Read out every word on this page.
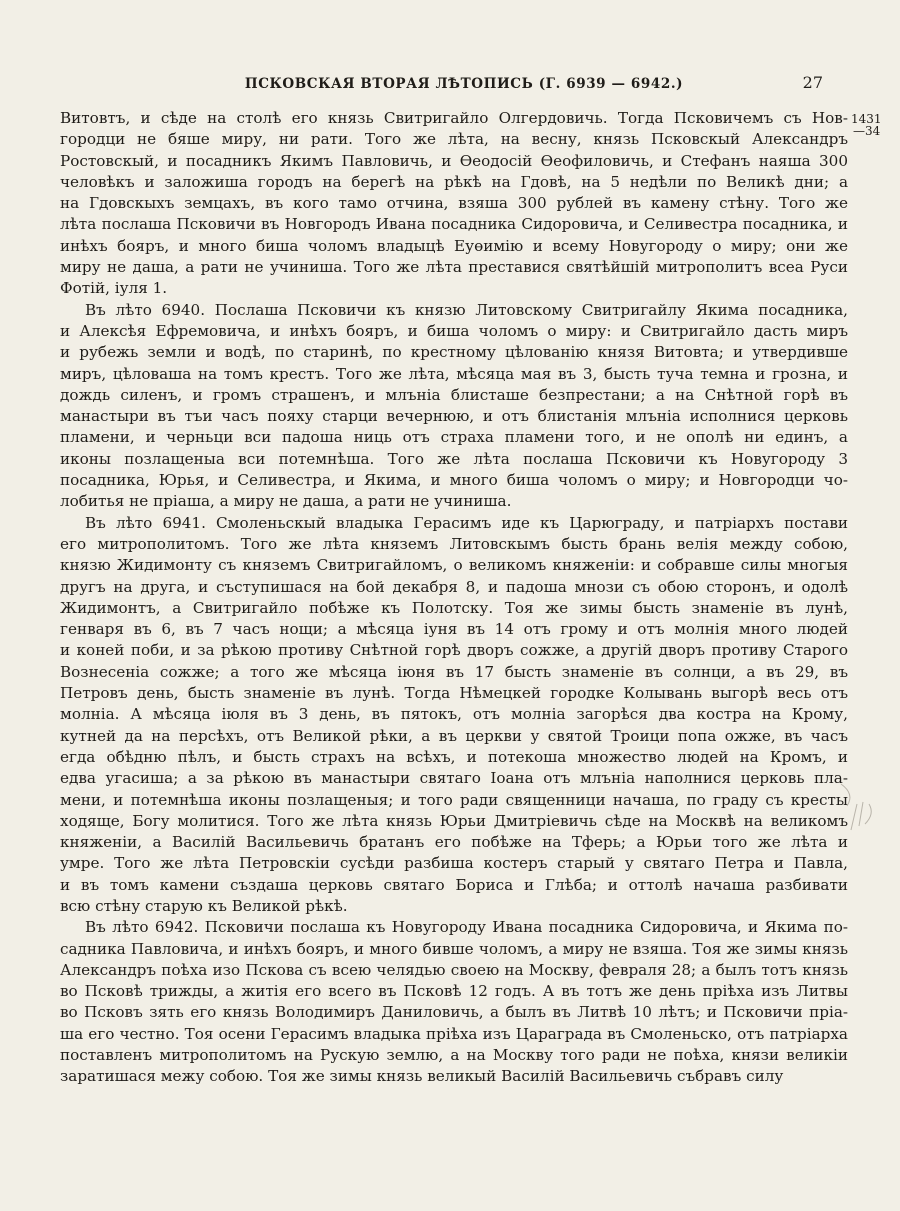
ПСКОВСКАЯ ВТОРАЯ ЛѢТОПИСЬ (Г. 6939 — 6942.)	27
1431
—34
Витовтъ, и сѣде на столѣ его князь Свитригайло Олгердовичь. Тогда Псковичемъ съ Нов-
городци не бяше миру, ни рати. Того же лѣта, на весну, князь Псковскый Александръ
Ростовскый, и посадникъ Якимъ Павловичь, и Өеодосій Өеофиловичь, и Стефанъ наяша 300
человѣкъ и заложиша городъ на берегѣ на рѣкѣ на Гдовѣ, на 5 недѣли по Великѣ дни; а
на Гдовскыхъ земцахъ, въ кого тамо отчина, взяша 300 рублей въ камену стѣну. Того же
лѣта послаша Псковичи въ Новгородъ Ивана посадника Сидоровича, и Селивестра посадника, и
инѣхъ бояръ, и много биша чоломъ владыцѣ Еуөимію и всему Новугороду о миру; они же
миру не даша, а рати не учиниша. Того же лѣта преставися святѣйшій митрополитъ всеа Руси
Фотій, іуля 1.
Въ лѣто 6940. Послаша Псковичи къ князю Литовскому Свитригайлу Якима посадника,
и Алексѣя Ефремовича, и инѣхъ бояръ, и биша чоломъ о миру: и Свитригайло дасть миръ
и рубежь земли и водѣ, по старинѣ, по крестному цѣлованію князя Витовта; и утвердивше
миръ, цѣловаша на томъ крестъ. Того же лѣта, мѣсяца мая въ 3, бысть туча темна и грозна, и
дождь силенъ, и громъ страшенъ, и млъніа блисташе безпрестани; а на Снѣтной горѣ въ
манастыри въ тъи часъ пояху старци вечернюю, и отъ блистанія млъніа исполнися церковь
пламени, и черньци вси падоша ниць отъ страха пламени того, и не ополѣ ни единъ, а
иконы позлащеныа вси потемнѣша. Того же лѣта послаша Псковичи къ Новугороду 3
посадника, Юрья, и Селивестра, и Якима, и много биша чоломъ о миру; и Новгородци чо-
лобитья не пріаша, а миру не даша, а рати не учиниша.
Въ лѣто 6941. Смоленьскый владыка Герасимъ иде къ Царюграду, и патріархъ постави
его митрополитомъ. Того же лѣта княземъ Литовскымъ бысть брань велія между собою,
князю Жидимонту съ княземъ Свитригайломъ, о великомъ княженіи: и собравше силы многыя
другъ на друга, и съступишася на бой декабря 8, и падоша мнози съ обою сторонъ, и одолѣ
Жидимонтъ, а Свитригайло побѣже къ Полотску. Тоя же зимы бысть знаменіе въ лунѣ,
генваря въ 6, въ 7 часъ нощи; а мѣсяца іуня въ 14 отъ грому и отъ молнія много людей
и коней поби, и за рѣкою противу Снѣтной горѣ дворъ сожже, а другій дворъ противу Старого
Вознесеніа сожже; а того же мѣсяца іюня въ 17 бысть знаменіе въ солнци, а въ 29, въ
Петровъ день, бысть знаменіе въ лунѣ. Тогда Нѣмецкей городке Колывань выгорѣ весь отъ
молніа. А мѣсяца іюля въ 3 день, въ пятокъ, отъ молніа загорѣся два костра на Крому,
кутней да на персѣхъ, отъ Великой рѣки, а въ церкви у святой Троици попа ожже, въ часъ
егда обѣдню пѣлъ, и бысть страхъ на всѣхъ, и потекоша множество людей на Кромъ, и
едва угасиша; а за рѣкою въ манастыри святаго Іоана отъ млъніа наполнися церковь пла-
мени, и потемнѣша иконы позлащеныя; и того ради священници начаша, по граду съ кресты
ходяще, Богу молитися. Того же лѣта князь Юрьи Дмитріевичь сѣде на Москвѣ на великомъ
княженіи, а Василій Васильевичь братанъ его побѣже на Тферь; а Юрьи того же лѣта и
умре. Того же лѣта Петровскіи сусѣди разбиша костеръ старый у святаго Петра и Павла,
и въ томъ камени създаша церковь святаго Бориса и Глѣба; и оттолѣ начаша разбивати
всю стѣну старую къ Великой рѣкѣ.
Въ лѣто 6942. Псковичи послаша къ Новугороду Ивана посадника Сидоровича, и Якима по-
садника Павловича, и инѣхъ бояръ, и много бивше чоломъ, а миру не взяша. Тоя же зимы князь
Александръ поѣха изо Пскова съ всею челядью своею на Москву, февраля 28; а былъ тотъ князь
во Псковѣ трижды, а житія его всего въ Псковѣ 12 годъ. А въ тотъ же день пріѣха изъ Литвы
во Псковъ зять его князь Володимиръ Даниловичь, а былъ въ Литвѣ 10 лѣтъ; и Псковичи пріа-
ша его честно. Тоя осени Герасимъ владыка пріѣха изъ Цараграда въ Смоленьско, отъ патріарха
поставленъ митрополитомъ на Рускую землю, а на Москву того ради не поѣха, князи великіи
заратишася межу собою. Тоя же зимы князь великый Василій Васильевичь събравъ силу
